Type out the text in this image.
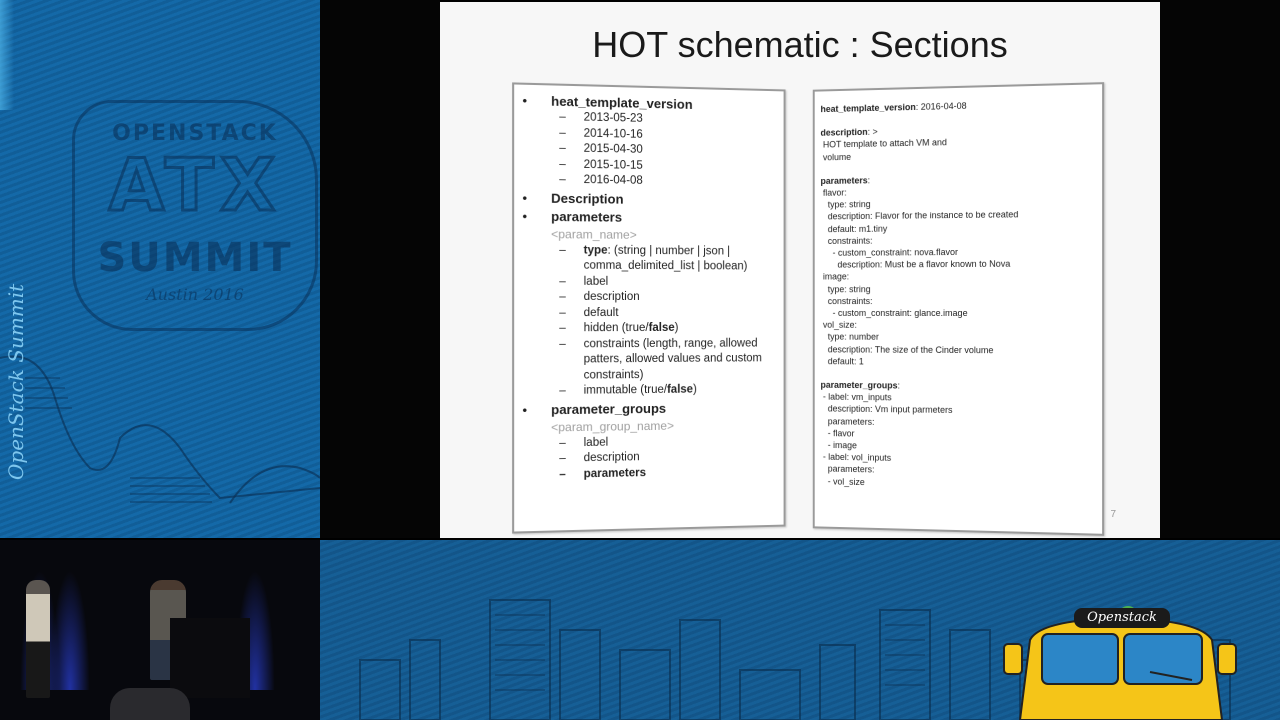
OPENSTACK
ATX
SUMMIT
Austin 2016
OpenStack Summit
HOT schematic : Sections
• heat_template_version
– 2013-05-23
– 2014-10-16
– 2015-04-30
– 2015-10-15
– 2016-04-08
• Description
• parameters
<param_name>
– type: (string | number | json | comma_delimited_list | boolean)
– label
– description
– default
– hidden (true/false)
– constraints (length, range, allowed patters, allowed values and custom constraints)
– immutable (true/false)
• parameter_groups
<param_group_name>
– label
– description
– parameters
heat_template_version: 2016-04-08
description: >
HOT template to attach VM and
volume
parameters:
flavor:
type: string
description: Flavor for the instance to be created
default: m1.tiny
constraints:
- custom_constraint: nova.flavor
description: Must be a flavor known to Nova
image:
type: string
constraints:
- custom_constraint: glance.image
vol_size:
type: number
description: The size of the Cinder volume
default: 1
parameter_groups:
- label: vm_inputs
description: Vm input parmeters
parameters:
- flavor
- image
- label: vol_inputs
parameters:
- vol_size
7
Openstack
